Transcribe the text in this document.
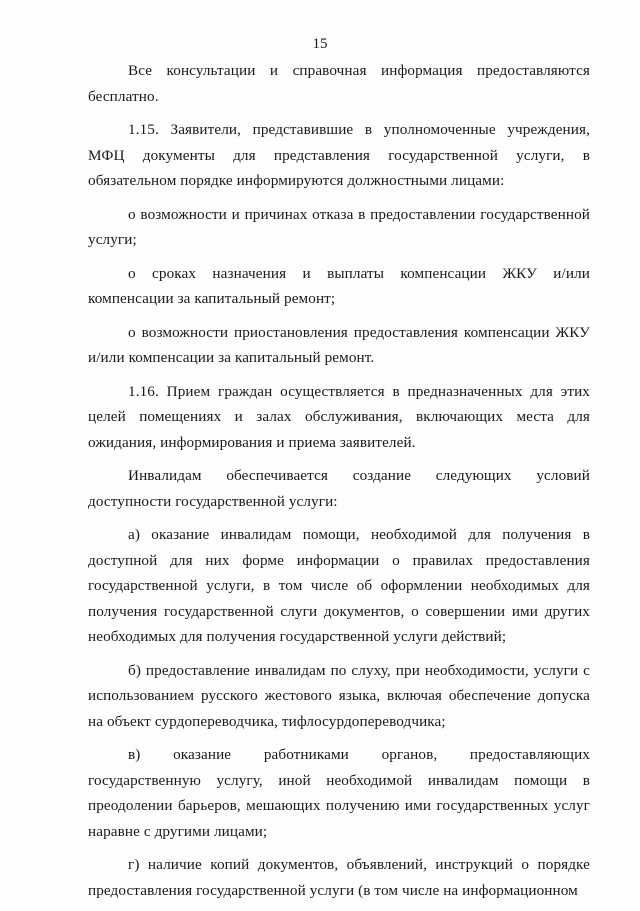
15

Все консультации и справочная информация предоставляются бесплатно.

1.15. Заявители, представившие в уполномоченные учреждения, МФЦ документы для представления государственной услуги, в обязательном порядке информируются должностными лицами:

о возможности и причинах отказа в предоставлении государственной услуги;

о сроках назначения и выплаты компенсации ЖКУ и/или компенсации за капитальный ремонт;

о возможности приостановления предоставления компенсации ЖКУ и/или компенсации за капитальный ремонт.

1.16. Прием граждан осуществляется в предназначенных для этих целей помещениях и залах обслуживания, включающих места для ожидания, информирования и приема заявителей.

Инвалидам обеспечивается создание следующих условий доступности государственной услуги:

а) оказание инвалидам помощи, необходимой для получения в доступной для них форме информации о правилах предоставления государственной услуги, в том числе об оформлении необходимых для получения государственной слуги документов, о совершении ими других необходимых для получения государственной услуги действий;

б) предоставление инвалидам по слуху, при необходимости, услуги с использованием русского жестового языка, включая обеспечение допуска на объект сурдопереводчика, тифлосурдопереводчика;

в) оказание работниками органов, предоставляющих государственную услугу, иной необходимой инвалидам помощи в преодолении барьеров, мешающих получению ими государственных услуг наравне с другими лицами;

г) наличие копий документов, объявлений, инструкций о порядке предоставления государственной услуги (в том числе на информационном
